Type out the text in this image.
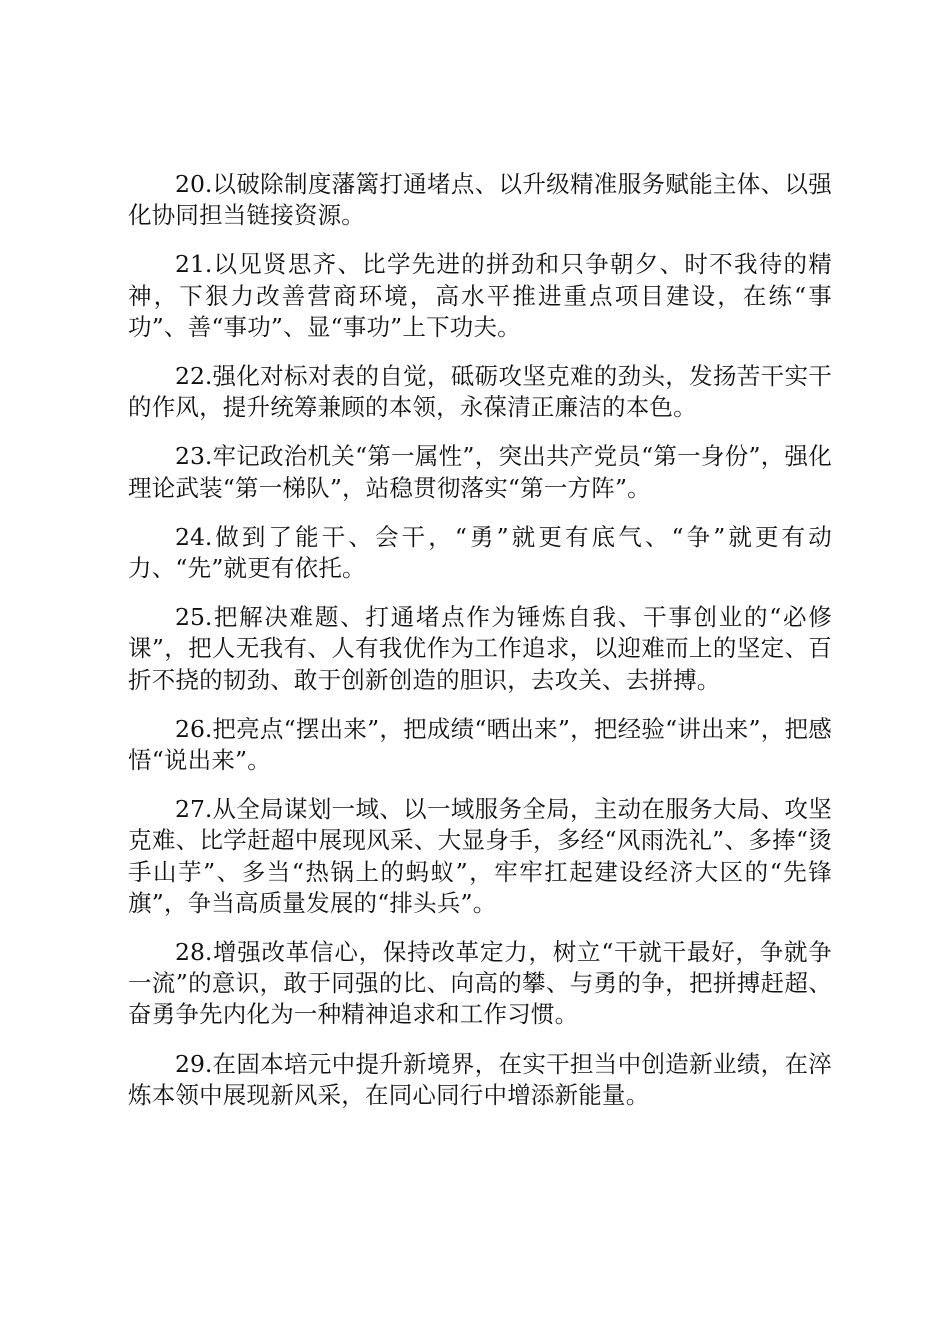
20.以破除制度藩篱打通堵点、以升级精准服务赋能主体、以强化协同担当链接资源。

21.以见贤思齐、比学先进的拼劲和只争朝夕、时不我待的精神，下狠力改善营商环境，高水平推进重点项目建设，在练“事功”、善“事功”、显“事功”上下功夫。

22.强化对标对表的自觉，砥砺攻坚克难的劲头，发扬苦干实干的作风，提升统筹兼顾的本领，永葆清正廉洁的本色。

23.牢记政治机关“第一属性”，突出共产党员“第一身份”，强化理论武装“第一梯队”，站稳贯彻落实“第一方阵”。

24.做到了能干、会干，“勇”就更有底气、“争”就更有动力、“先”就更有依托。

25.把解决难题、打通堵点作为锤炼自我、干事创业的“必修课”，把人无我有、人有我优作为工作追求，以迎难而上的坚定、百折不挠的韧劲、敢于创新创造的胆识，去攻关、去拼搏。

26.把亮点“摆出来”，把成绩“晒出来”，把经验“讲出来”，把感悟“说出来”。

27.从全局谋划一域、以一域服务全局，主动在服务大局、攻坚克难、比学赶超中展现风采、大显身手，多经“风雨洗礼”、多捧“烫手山芋”、多当“热锅上的蚂蚁”，牢牢扛起建设经济大区的“先锋旗”，争当高质量发展的“排头兵”。

28.增强改革信心，保持改革定力，树立“干就干最好，争就争一流”的意识，敢于同强的比、向高的攀、与勇的争，把拼搏赶超、奋勇争先内化为一种精神追求和工作习惯。

29.在固本培元中提升新境界，在实干担当中创造新业绩，在淬炼本领中展现新风采，在同心同行中增添新能量。
